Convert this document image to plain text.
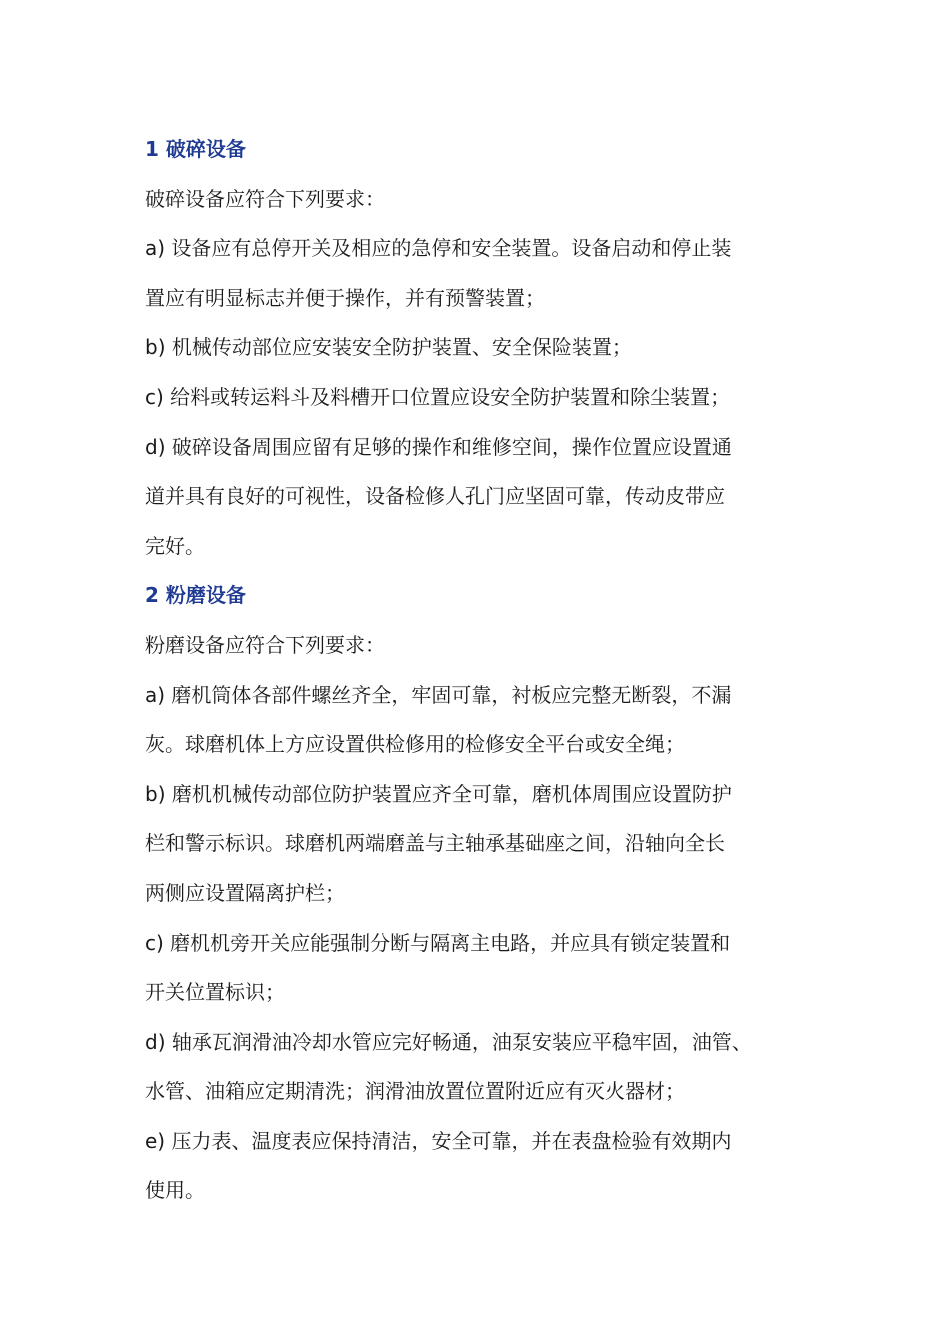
1 破碎设备
破碎设备应符合下列要求：
a) 设备应有总停开关及相应的急停和安全装置。设备启动和停止装
置应有明显标志并便于操作，并有预警装置；
b) 机械传动部位应安装安全防护装置、安全保险装置；
c) 给料或转运料斗及料槽开口位置应设安全防护装置和除尘装置；
d) 破碎设备周围应留有足够的操作和维修空间，操作位置应设置通
道并具有良好的可视性，设备检修人孔门应坚固可靠，传动皮带应
完好。
2 粉磨设备
粉磨设备应符合下列要求：
a) 磨机筒体各部件螺丝齐全，牢固可靠，衬板应完整无断裂，不漏
灰。球磨机体上方应设置供检修用的检修安全平台或安全绳；
b) 磨机机械传动部位防护装置应齐全可靠，磨机体周围应设置防护
栏和警示标识。球磨机两端磨盖与主轴承基础座之间，沿轴向全长
两侧应设置隔离护栏；
c) 磨机机旁开关应能强制分断与隔离主电路，并应具有锁定装置和
开关位置标识；
d) 轴承瓦润滑油冷却水管应完好畅通，油泵安装应平稳牢固，油管、
水管、油箱应定期清洗；润滑油放置位置附近应有灭火器材；
e) 压力表、温度表应保持清洁，安全可靠，并在表盘检验有效期内
使用。
